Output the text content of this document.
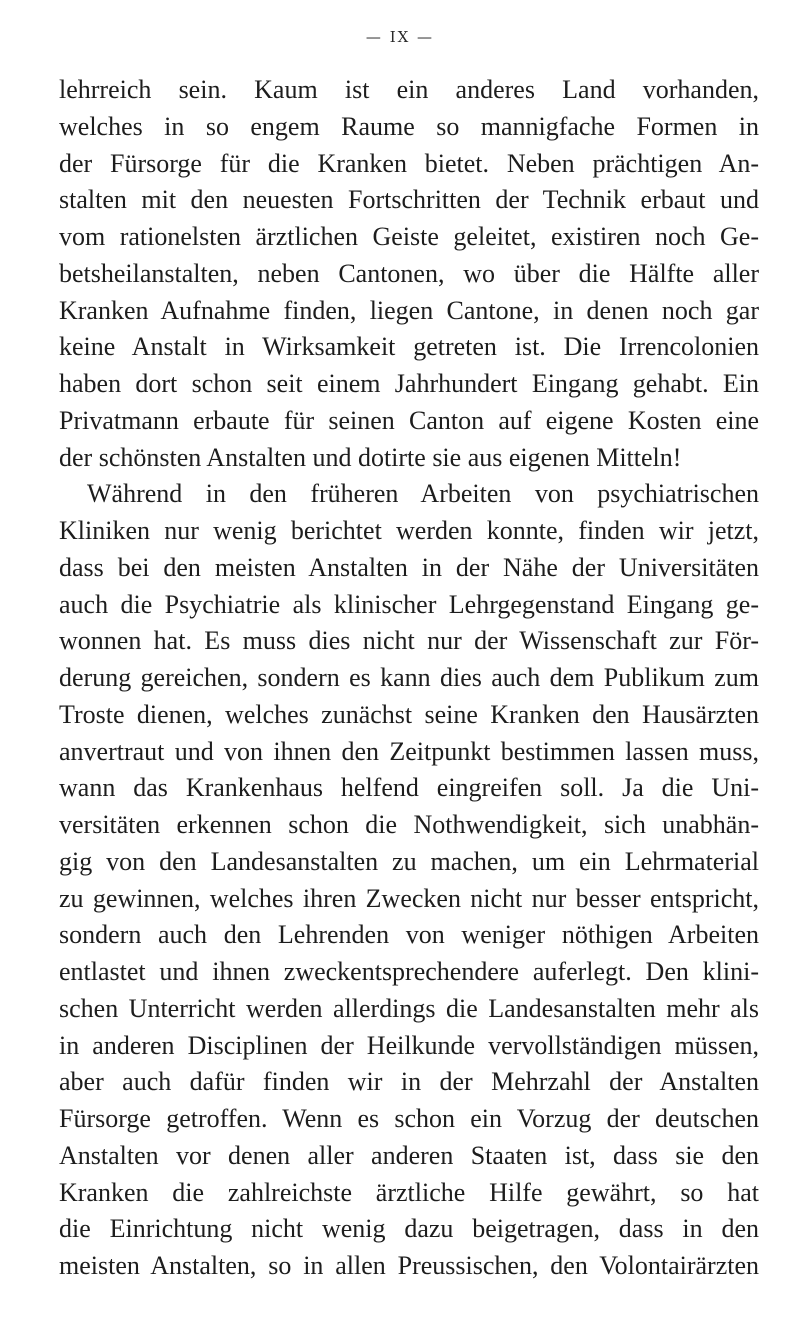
— IX —
lehrreich sein. Kaum ist ein anderes Land vorhanden,
welches in so engem Raume so mannigfache Formen in
der Fürsorge für die Kranken bietet. Neben prächtigen An-
stalten mit den neuesten Fortschritten der Technik erbaut und
vom rationelsten ärztlichen Geiste geleitet, existiren noch Ge-
betsheilanstalten, neben Cantonen, wo über die Hälfte aller
Kranken Aufnahme finden, liegen Cantone, in denen noch gar
keine Anstalt in Wirksamkeit getreten ist. Die Irrencolonien
haben dort schon seit einem Jahrhundert Eingang gehabt. Ein
Privatmann erbaute für seinen Canton auf eigene Kosten eine
der schönsten Anstalten und dotirte sie aus eigenen Mitteln!
Während in den früheren Arbeiten von psychiatrischen
Kliniken nur wenig berichtet werden konnte, finden wir jetzt,
dass bei den meisten Anstalten in der Nähe der Universitäten
auch die Psychiatrie als klinischer Lehrgegenstand Eingang ge-
wonnen hat. Es muss dies nicht nur der Wissenschaft zur För-
derung gereichen, sondern es kann dies auch dem Publikum zum
Troste dienen, welches zunächst seine Kranken den Hausärzten
anvertraut und von ihnen den Zeitpunkt bestimmen lassen muss,
wann das Krankenhaus helfend eingreifen soll. Ja die Uni-
versitäten erkennen schon die Nothwendigkeit, sich unabhän-
gig von den Landesanstalten zu machen, um ein Lehrmaterial
zu gewinnen, welches ihren Zwecken nicht nur besser entspricht,
sondern auch den Lehrenden von weniger nöthigen Arbeiten
entlastet und ihnen zweckentsprechendere auferlegt. Den klini-
schen Unterricht werden allerdings die Landesanstalten mehr als
in anderen Disciplinen der Heilkunde vervollständigen müssen,
aber auch dafür finden wir in der Mehrzahl der Anstalten
Fürsorge getroffen. Wenn es schon ein Vorzug der deutschen
Anstalten vor denen aller anderen Staaten ist, dass sie den
Kranken die zahlreichste ärztliche Hilfe gewährt, so hat
die Einrichtung nicht wenig dazu beigetragen, dass in den
meisten Anstalten, so in allen Preussischen, den Volontairärzten
